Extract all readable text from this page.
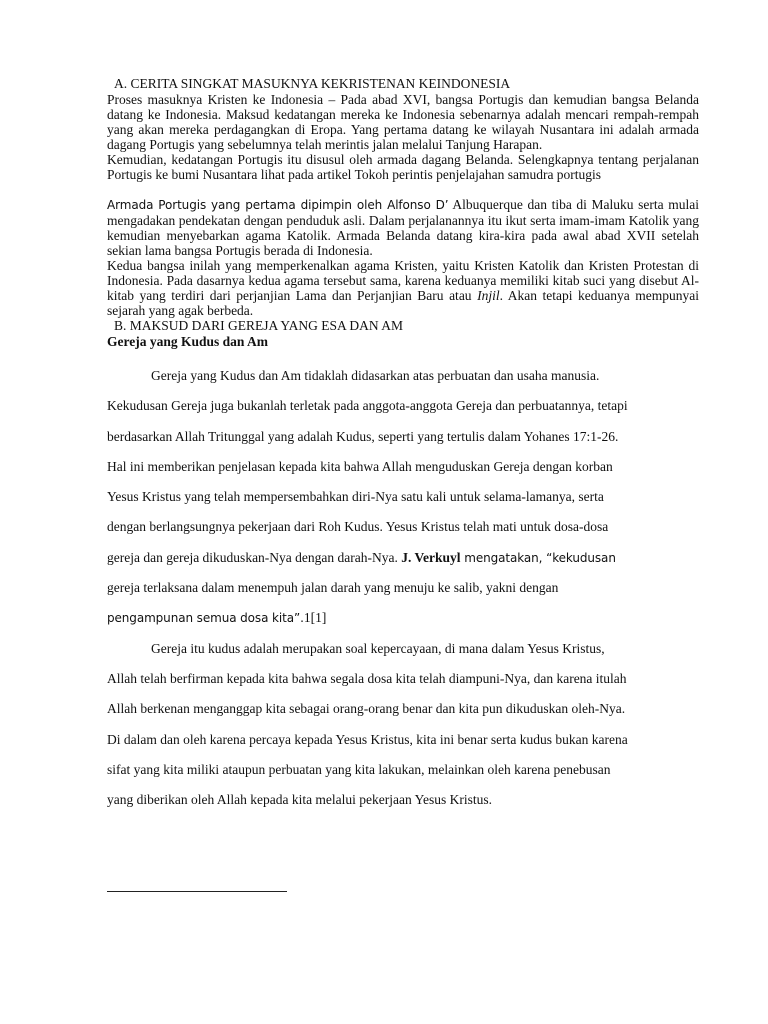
A. CERITA SINGKAT MASUKNYA KEKRISTENAN KEINDONESIA

Proses masuknya Kristen ke Indonesia – Pada abad XVI, bangsa Portugis dan kemudian bangsa Belanda datang ke Indonesia. Maksud kedatangan mereka ke Indonesia sebenarnya adalah mencari rempah-rempah yang akan mereka perdagangkan di Eropa. Yang pertama datang ke wilayah Nusantara ini adalah armada dagang Portugis yang sebelumnya telah merintis jalan melalui Tanjung Harapan.

Kemudian, kedatangan Portugis itu disusul oleh armada dagang Belanda. Selengkapnya tentang perjalanan Portugis ke bumi Nusantara lihat pada artikel Tokoh perintis penjelajahan samudra portugis

Armada Portugis yang pertama dipimpin oleh Alfonso D’ Albuquerque dan tiba di Maluku serta mulai mengadakan pendekatan dengan penduduk asli. Dalam perjalanannya itu ikut serta imam-imam Katolik yang kemudian menyebarkan agama Katolik. Armada Belanda datang kira-kira pada awal abad XVII setelah sekian lama bangsa Portugis berada di Indonesia.

Kedua bangsa inilah yang memperkenalkan agama Kristen, yaitu Kristen Katolik dan Kristen Protestan di Indonesia. Pada dasarnya kedua agama tersebut sama, karena keduanya memiliki kitab suci yang disebut Al-kitab yang terdiri dari perjanjian Lama dan Perjanjian Baru atau Injil. Akan tetapi keduanya mempunyai sejarah yang agak berbeda.

B. MAKSUD DARI GEREJA YANG ESA DAN AM
Gereja yang Kudus dan Am
Gereja yang Kudus dan Am tidaklah didasarkan atas perbuatan dan usaha manusia.
Kekudusan Gereja juga bukanlah terletak pada anggota-anggota Gereja dan perbuatannya, tetapi
berdasarkan Allah Tritunggal yang adalah Kudus, seperti yang tertulis dalam Yohanes 17:1-26.
Hal ini memberikan penjelasan kepada kita bahwa Allah menguduskan Gereja dengan korban
Yesus Kristus yang telah mempersembahkan diri-Nya satu kali untuk selama-lamanya, serta
dengan berlangsungnya pekerjaan dari Roh Kudus. Yesus Kristus telah mati untuk dosa-dosa
gereja dan gereja dikuduskan-Nya dengan darah-Nya. J. Verkuyl mengatakan, “kekudusan
gereja terlaksana dalam menempuh jalan darah yang menuju ke salib, yakni dengan
pengampunan semua dosa kita”.1[1]
Gereja itu kudus adalah merupakan soal kepercayaan, di mana dalam Yesus Kristus,
Allah telah berfirman kepada kita bahwa segala dosa kita telah diampuni-Nya, dan karena itulah
Allah berkenan menganggap kita sebagai orang-orang benar dan kita pun dikuduskan oleh-Nya.
Di dalam dan oleh karena percaya kepada Yesus Kristus, kita ini benar serta kudus bukan karena
sifat yang kita miliki ataupun perbuatan yang kita lakukan, melainkan oleh karena penebusan
yang diberikan oleh Allah kepada kita melalui pekerjaan Yesus Kristus.
